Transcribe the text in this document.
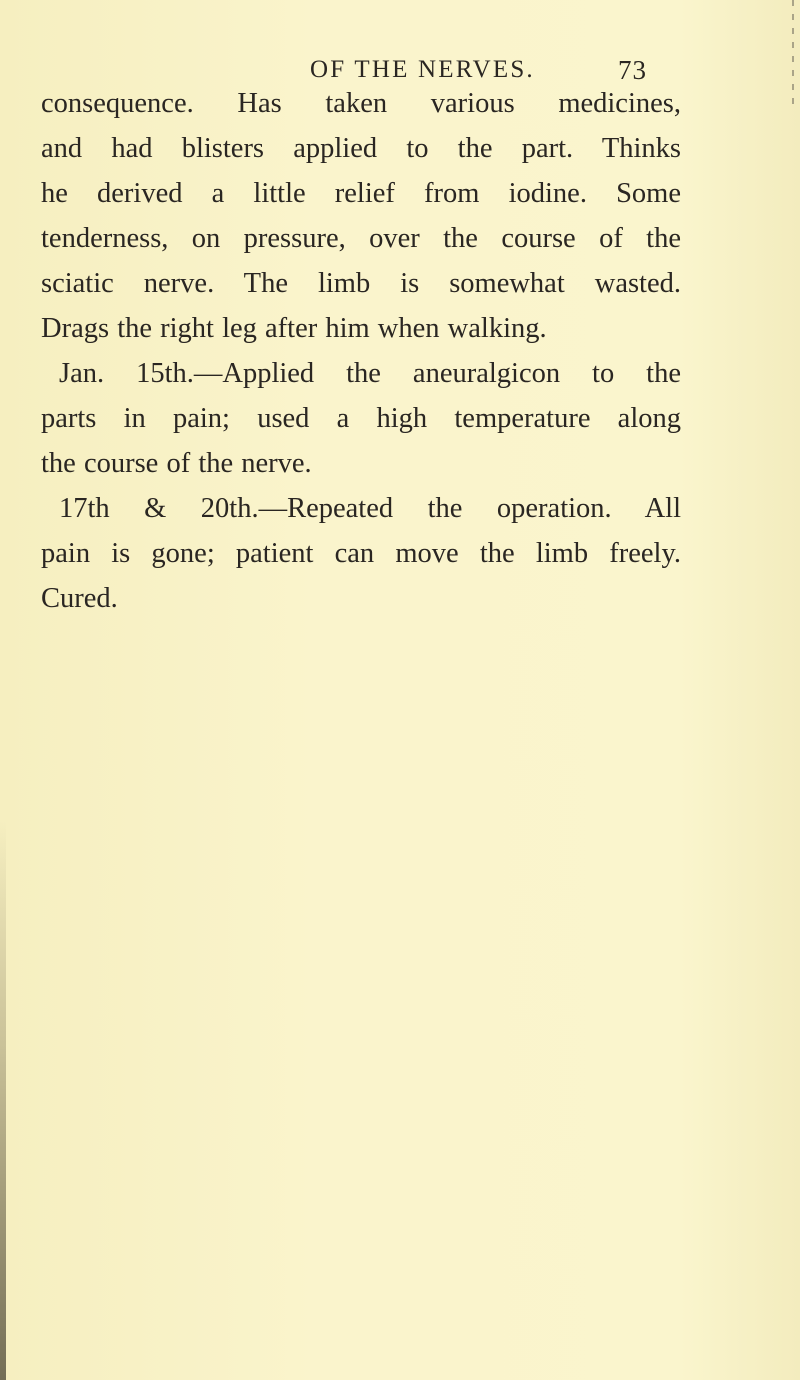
OF THE NERVES.	73
consequence. Has taken various medicines,
and had blisters applied to the part. Thinks
he derived a little relief from iodine. Some
tenderness, on pressure, over the course of the
sciatic nerve. The limb is somewhat wasted.
Drags the right leg after him when walking.
Jan. 15th.—Applied the aneuralgicon to the
parts in pain; used a high temperature along
the course of the nerve.
17th & 20th.—Repeated the operation. All
pain is gone; patient can move the limb freely.
Cured.
